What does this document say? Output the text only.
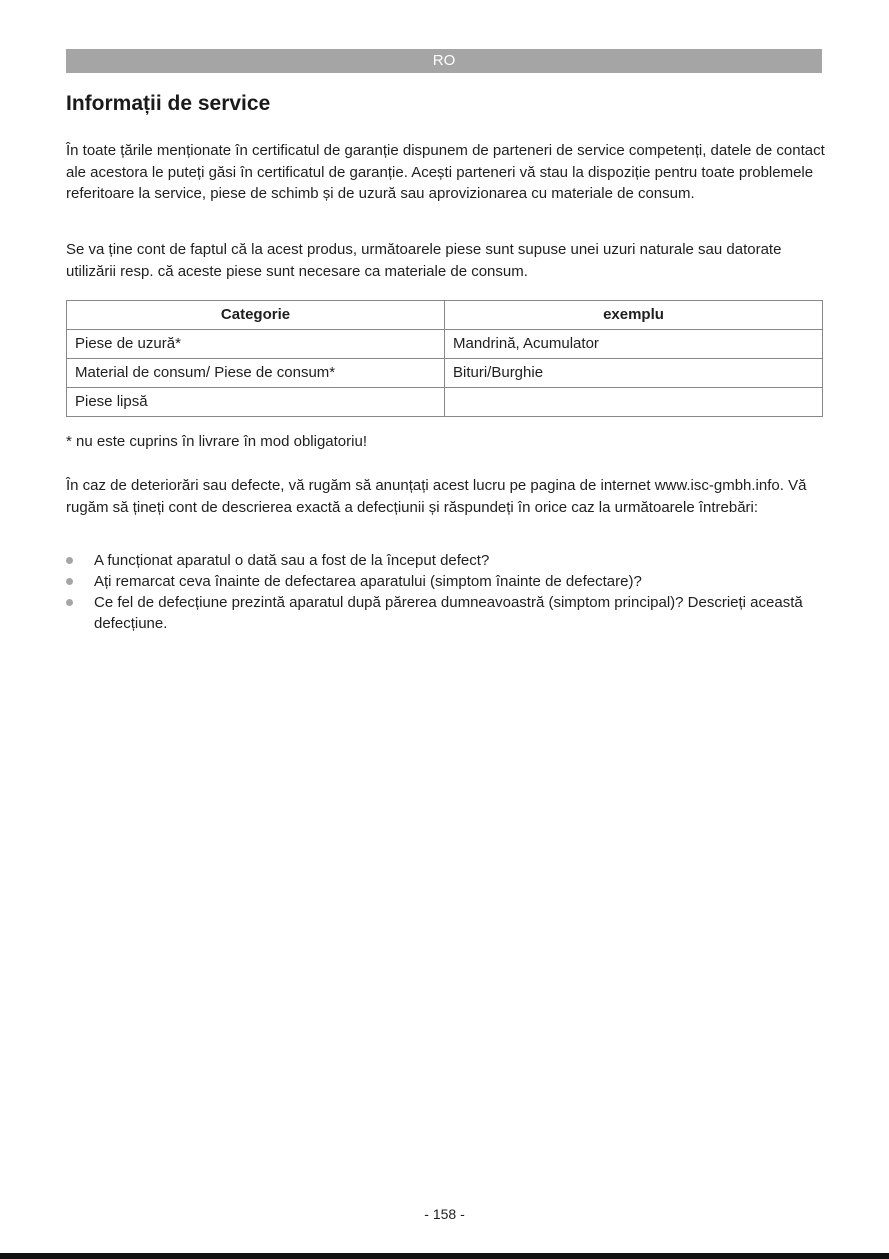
RO
Informații de service

În toate țările menționate în certificatul de garanție dispunem de parteneri de service competenți, datele de contact ale acestora le puteți găsi în certificatul de garanție. Acești parteneri vă stau la dispoziție pentru toate problemele referitoare la service, piese de schimb și de uzură sau aprovizionarea cu materiale de consum.

Se va ține cont de faptul că la acest produs, următoarele piese sunt supuse unei uzuri naturale sau datorate utilizării resp. că aceste piese sunt necesare ca materiale de consum.

Categorie	exemplu
Piese de uzură*	Mandrină, Acumulator
Material de consum/ Piese de consum*	Bituri/Burghie
Piese lipsă	

* nu este cuprins în livrare în mod obligatoriu!

În caz de deteriorări sau defecte, vă rugăm să anunțați acest lucru pe pagina de internet www.isc-gmbh.info. Vă rugăm să țineți cont de descrierea exactă a defecțiunii și răspundeți în orice caz la următoarele întrebări:

A funcționat aparatul o dată sau a fost de la început defect?
Ați remarcat ceva înainte de defectarea aparatului (simptom înainte de defectare)?
Ce fel de defecțiune prezintă aparatul după părerea dumneavoastră (simptom principal)? Descrieți această defecțiune.

- 158 -
